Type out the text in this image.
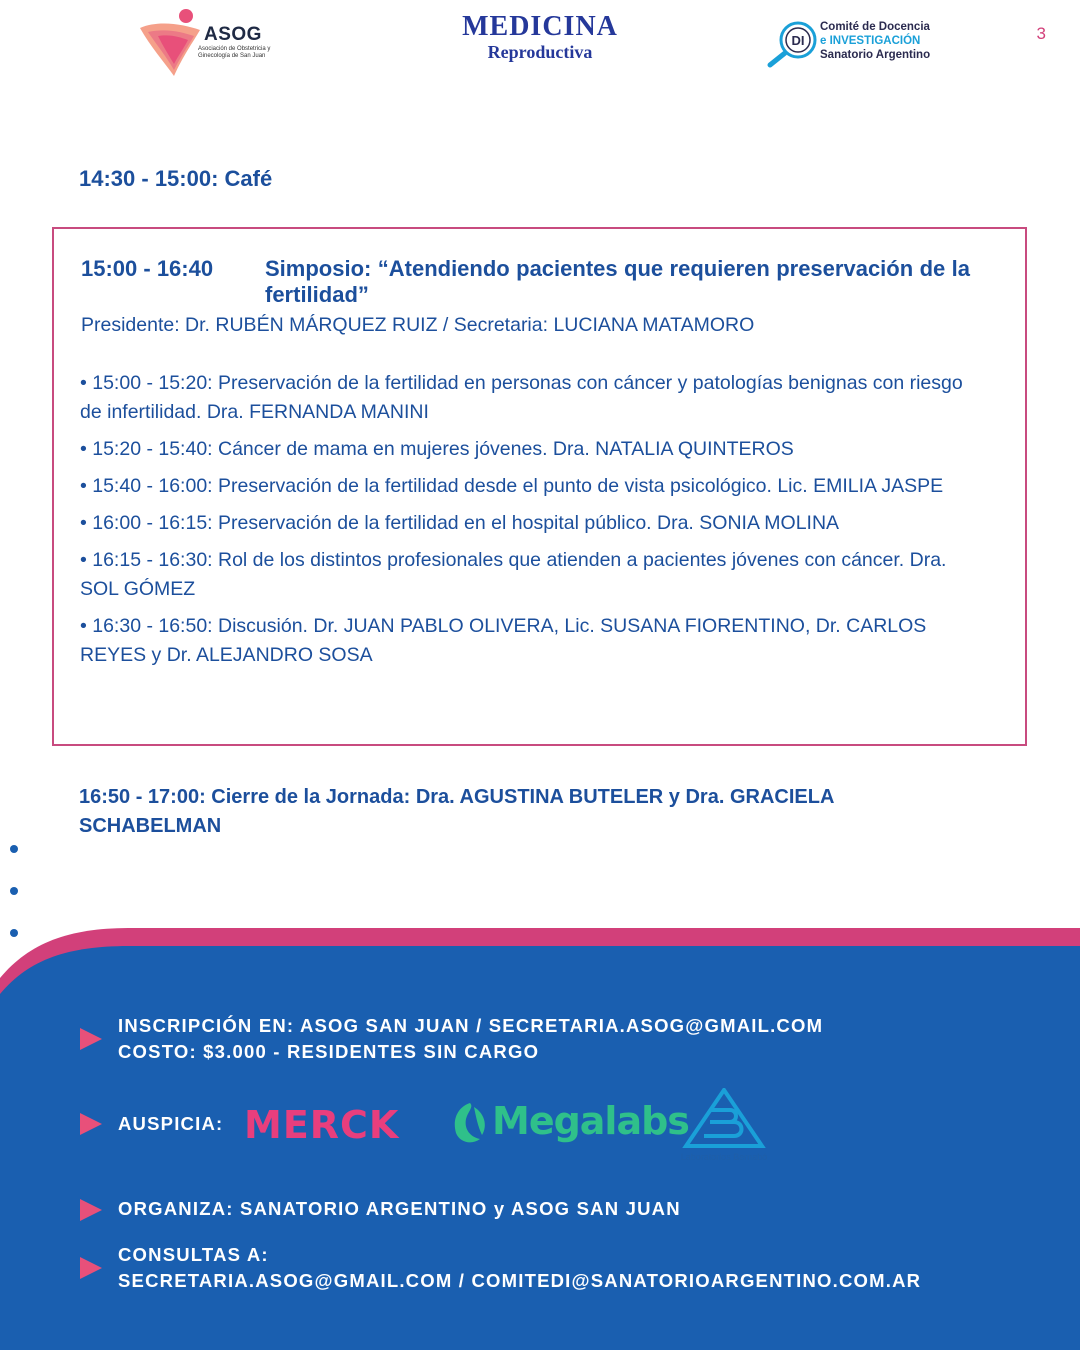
ASOG
Asociación de Obstetricia y Ginecología de San Juan
MEDICINA
Reproductiva
DI
Comité de Docencia
e INVESTIGACIÓN
Sanatorio Argentino
3
14:30 - 15:00: Café
15:00 - 16:40 Simposio: “Atendiendo pacientes que requieren preservación de la fertilidad”
Presidente: Dr. RUBÉN MÁRQUEZ RUIZ / Secretaria: LUCIANA MATAMORO
• 15:00 - 15:20: Preservación de la fertilidad en personas con cáncer y patologías benignas con riesgo de infertilidad. Dra. FERNANDA MANINI
• 15:20 - 15:40: Cáncer de mama en mujeres jóvenes. Dra. NATALIA QUINTEROS
• 15:40 - 16:00: Preservación de la fertilidad desde el punto de vista psicológico. Lic. EMILIA JASPE
• 16:00 - 16:15: Preservación de la fertilidad en el hospital público. Dra. SONIA MOLINA
• 16:15 - 16:30: Rol de los distintos profesionales que atienden a pacientes jóvenes con cáncer. Dra. SOL GÓMEZ
• 16:30 - 16:50: Discusión. Dr. JUAN PABLO OLIVERA, Lic. SUSANA FIORENTINO, Dr. CARLOS REYES y Dr. ALEJANDRO SOSA
16:50 - 17:00: Cierre de la Jornada: Dra. AGUSTINA BUTELER y Dra. GRACIELA SCHABELMAN
INSCRIPCIÓN EN: ASOG SAN JUAN / SECRETARIA.ASOG@GMAIL.COM
COSTO: $3.000 - RESIDENTES SIN CARGO
AUSPICIA: MERCK Megalabs
Laboratorios Bernabó
ORGANIZA: SANATORIO ARGENTINO y ASOG SAN JUAN
CONSULTAS A:
SECRETARIA.ASOG@GMAIL.COM / COMITEDI@SANATORIOARGENTINO.COM.AR
